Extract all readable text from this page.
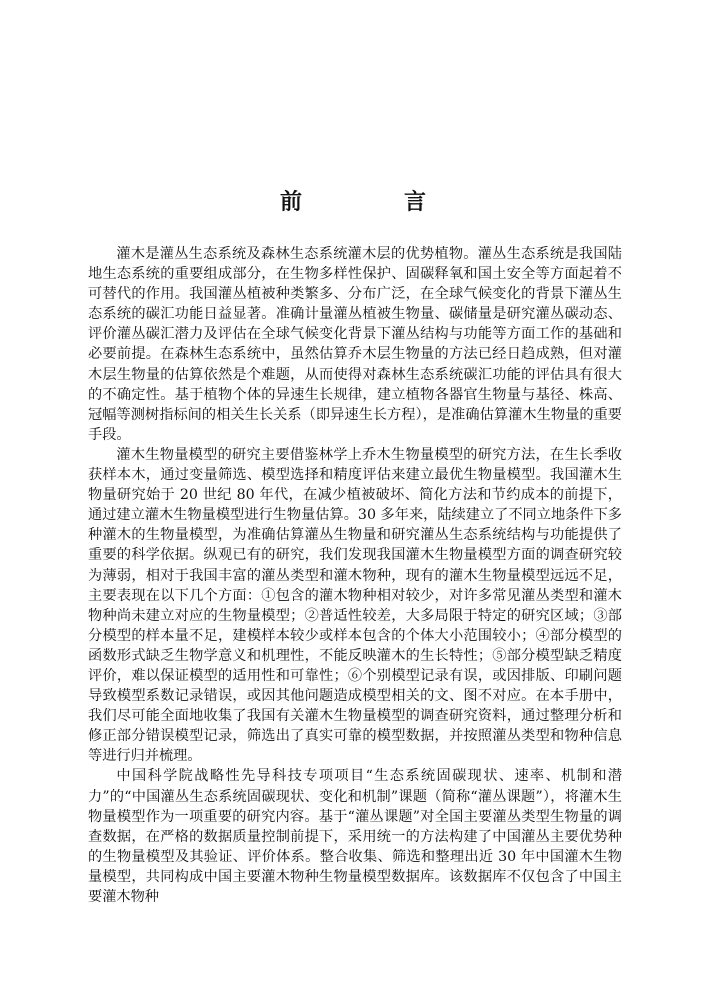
前　言

灌木是灌丛生态系统及森林生态系统灌木层的优势植物。灌丛生态系统是我国陆地生态系统的重要组成部分，在生物多样性保护、固碳释氧和国土安全等方面起着不可替代的作用。我国灌丛植被种类繁多、分布广泛，在全球气候变化的背景下灌丛生态系统的碳汇功能日益显著。准确计量灌丛植被生物量、碳储量是研究灌丛碳动态、评价灌丛碳汇潜力及评估在全球气候变化背景下灌丛结构与功能等方面工作的基础和必要前提。在森林生态系统中，虽然估算乔木层生物量的方法已经日趋成熟，但对灌木层生物量的估算依然是个难题，从而使得对森林生态系统碳汇功能的评估具有很大的不确定性。基于植物个体的异速生长规律，建立植物各器官生物量与基径、株高、冠幅等测树指标间的相关生长关系（即异速生长方程），是准确估算灌木生物量的重要手段。

灌木生物量模型的研究主要借鉴林学上乔木生物量模型的研究方法，在生长季收获样本木，通过变量筛选、模型选择和精度评估来建立最优生物量模型。我国灌木生物量研究始于 20 世纪 80 年代，在减少植被破坏、简化方法和节约成本的前提下，通过建立灌木生物量模型进行生物量估算。30 多年来，陆续建立了不同立地条件下多种灌木的生物量模型，为准确估算灌丛生物量和研究灌丛生态系统结构与功能提供了重要的科学依据。纵观已有的研究，我们发现我国灌木生物量模型方面的调查研究较为薄弱，相对于我国丰富的灌丛类型和灌木物种，现有的灌木生物量模型远远不足，主要表现在以下几个方面：①包含的灌木物种相对较少，对许多常见灌丛类型和灌木物种尚未建立对应的生物量模型；②普适性较差，大多局限于特定的研究区域；③部分模型的样本量不足，建模样本较少或样本包含的个体大小范围较小；④部分模型的函数形式缺乏生物学意义和机理性，不能反映灌木的生长特性；⑤部分模型缺乏精度评价，难以保证模型的适用性和可靠性；⑥个别模型记录有误，或因排版、印刷问题导致模型系数记录错误，或因其他问题造成模型相关的文、图不对应。在本手册中，我们尽可能全面地收集了我国有关灌木生物量模型的调查研究资料，通过整理分析和修正部分错误模型记录，筛选出了真实可靠的模型数据，并按照灌丛类型和物种信息等进行归并梳理。

中国科学院战略性先导科技专项项目“生态系统固碳现状、速率、机制和潜力”的“中国灌丛生态系统固碳现状、变化和机制”课题（简称“灌丛课题”），将灌木生物量模型作为一项重要的研究内容。基于“灌丛课题”对全国主要灌丛类型生物量的调查数据，在严格的数据质量控制前提下，采用统一的方法构建了中国灌丛主要优势种的生物量模型及其验证、评价体系。整合收集、筛选和整理出近 30 年中国灌木生物量模型，共同构成中国主要灌木物种生物量模型数据库。该数据库不仅包含了中国主要灌木物种
